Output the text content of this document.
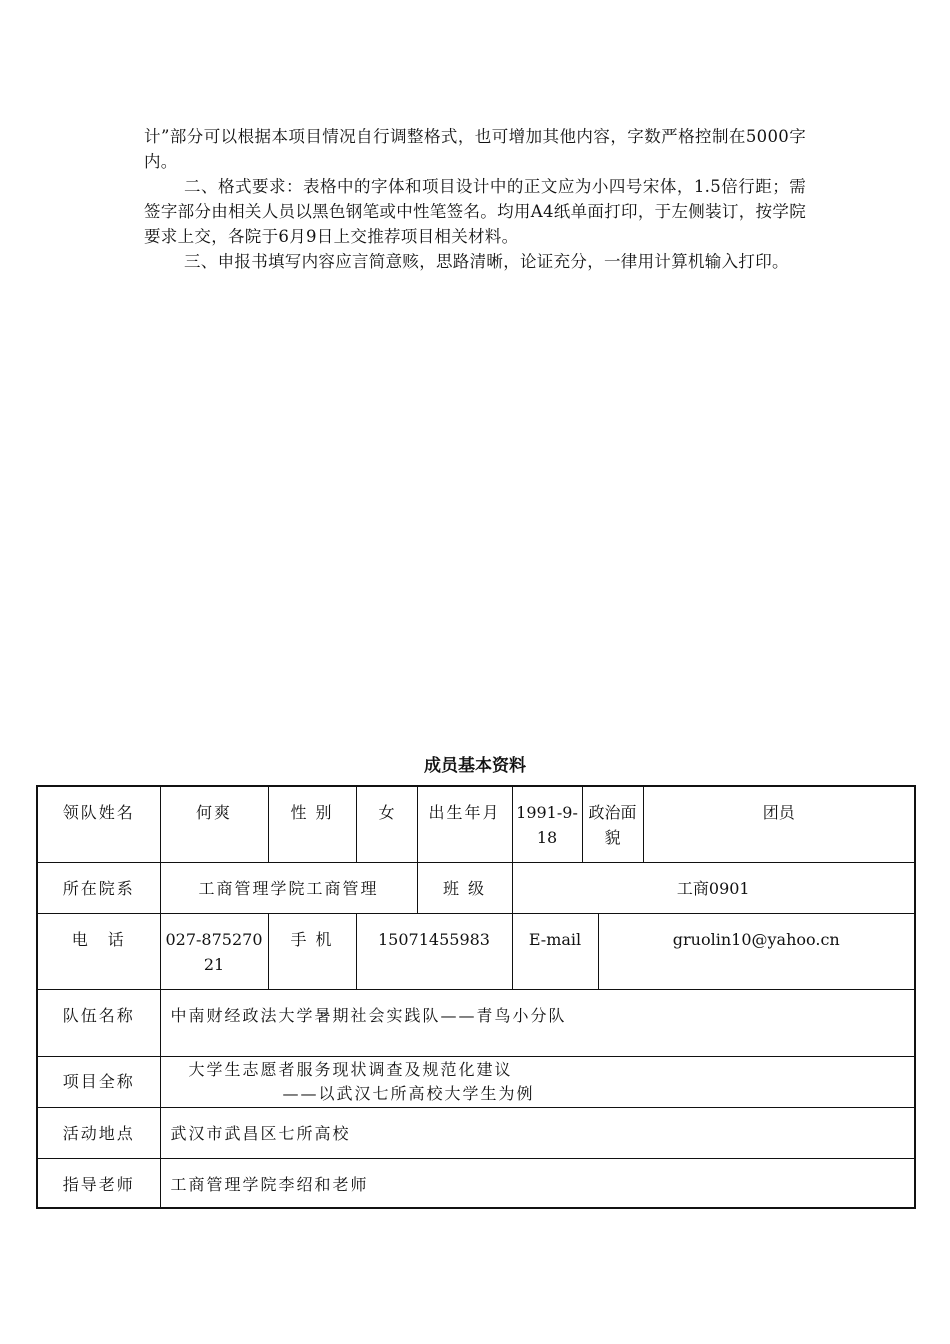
计”部分可以根据本项目情况自行调整格式，也可增加其他内容，字数严格控制在5000字内。

二、格式要求：表格中的字体和项目设计中的正文应为小四号宋体，1.5倍行距；需签字部分由相关人员以黑色钢笔或中性笔签名。均用A4纸单面打印，于左侧装订，按学院要求上交，各院于6月9日上交推荐项目相关材料。

三、申报书填写内容应言简意赅，思路清晰，论证充分，一律用计算机输入打印。

成员基本资料
领队姓名	何爽	性 别	女	出生年月	1991-9-18	政治面貌		团员
所在院系	工商管理学院工商管理			班 级	工商0901			
电　话	027-87527021	手 机	15071455983		E-mail		gruolin10@yahoo.cn	
队伍名称	中南财经政法大学暑期社会实践队——青鸟小分队							
项目全称	大学生志愿者服务现状调查及规范化建议
——以武汉七所高校大学生为例							

活动地点	武汉市武昌区七所高校							
指导老师	工商管理学院李绍和老师							
